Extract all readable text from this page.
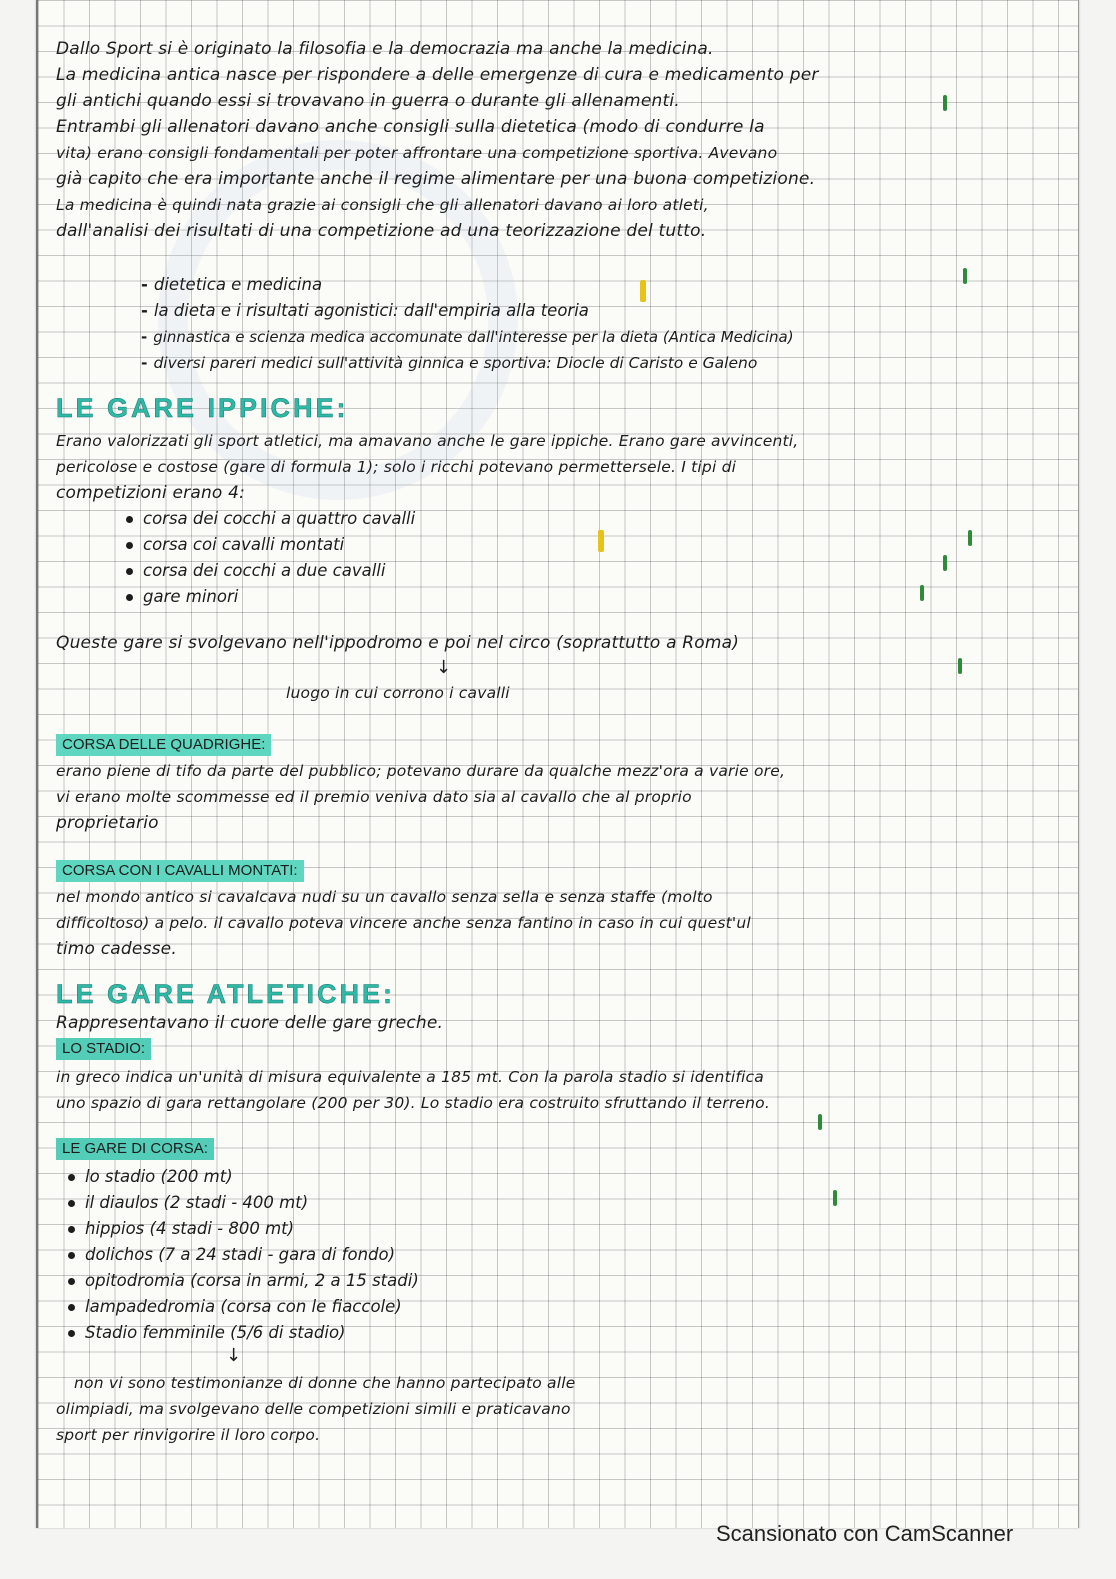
Dallo Sport si è originato la filosofia e la democrazia ma anche la medicina.
La medicina antica nasce per rispondere a delle emergenze di cura e medicamento per
gli antichi quando essi si trovavano in guerra o durante gli allenamenti.
Entrambi gli allenatori davano anche consigli sulla dietetica (modo di condurre la
vita) erano consigli fondamentali per poter affrontare una competizione sportiva. Avevano
già capito che era importante anche il regime alimentare per una buona competizione.
La medicina è quindi nata grazie ai consigli che gli allenatori davano ai loro atleti,
dall'analisi dei risultati di una competizione ad una teorizzazione del tutto.
- dietetica e medicina
- la dieta e i risultati agonistici: dall'empiria alla teoria
- ginnastica e scienza medica accomunate dall'interesse per la dieta (Antica Medicina)
- diversi pareri medici sull'attività ginnica e sportiva: Diocle di Caristo e Galeno
LE GARE IPPICHE:
Erano valorizzati gli sport atletici, ma amavano anche le gare ippiche. Erano gare avvincenti,
pericolose e costose (gare di formula 1); solo i ricchi potevano permettersele. I tipi di
competizioni erano 4:
corsa dei cocchi a quattro cavalli
corsa coi cavalli montati
corsa dei cocchi a due cavalli
gare minori
Queste gare si svolgevano nell'ippodromo e poi nel circo (soprattutto a Roma)
↓
luogo in cui corrono i cavalli
CORSA DELLE QUADRIGHE:
erano piene di tifo da parte del pubblico; potevano durare da qualche mezz'ora a varie ore,
vi erano molte scommesse ed il premio veniva dato sia al cavallo che al proprio
proprietario
CORSA CON I CAVALLI MONTATI:
nel mondo antico si cavalcava nudi su un cavallo senza sella e senza staffe (molto
difficoltoso) a pelo. il cavallo poteva vincere anche senza fantino in caso in cui quest'ul
timo cadesse.
LE GARE ATLETICHE:
Rappresentavano il cuore delle gare greche.
LO STADIO:
in greco indica un'unità di misura equivalente a 185 mt. Con la parola stadio si identifica
uno spazio di gara rettangolare (200 per 30). Lo stadio era costruito sfruttando il terreno.
LE GARE DI CORSA:
lo stadio (200 mt)
il diaulos (2 stadi - 400 mt)
hippios (4 stadi - 800 mt)
dolichos (7 a 24 stadi - gara di fondo)
opitodromia (corsa in armi, 2 a 15 stadi)
lampadedromia (corsa con le fiaccole)
Stadio femminile (5/6 di stadio)
↓
non vi sono testimonianze di donne che hanno partecipato alle
olimpiadi, ma svolgevano delle competizioni simili e praticavano
sport per rinvigorire il loro corpo.
Scansionato con CamScanner
